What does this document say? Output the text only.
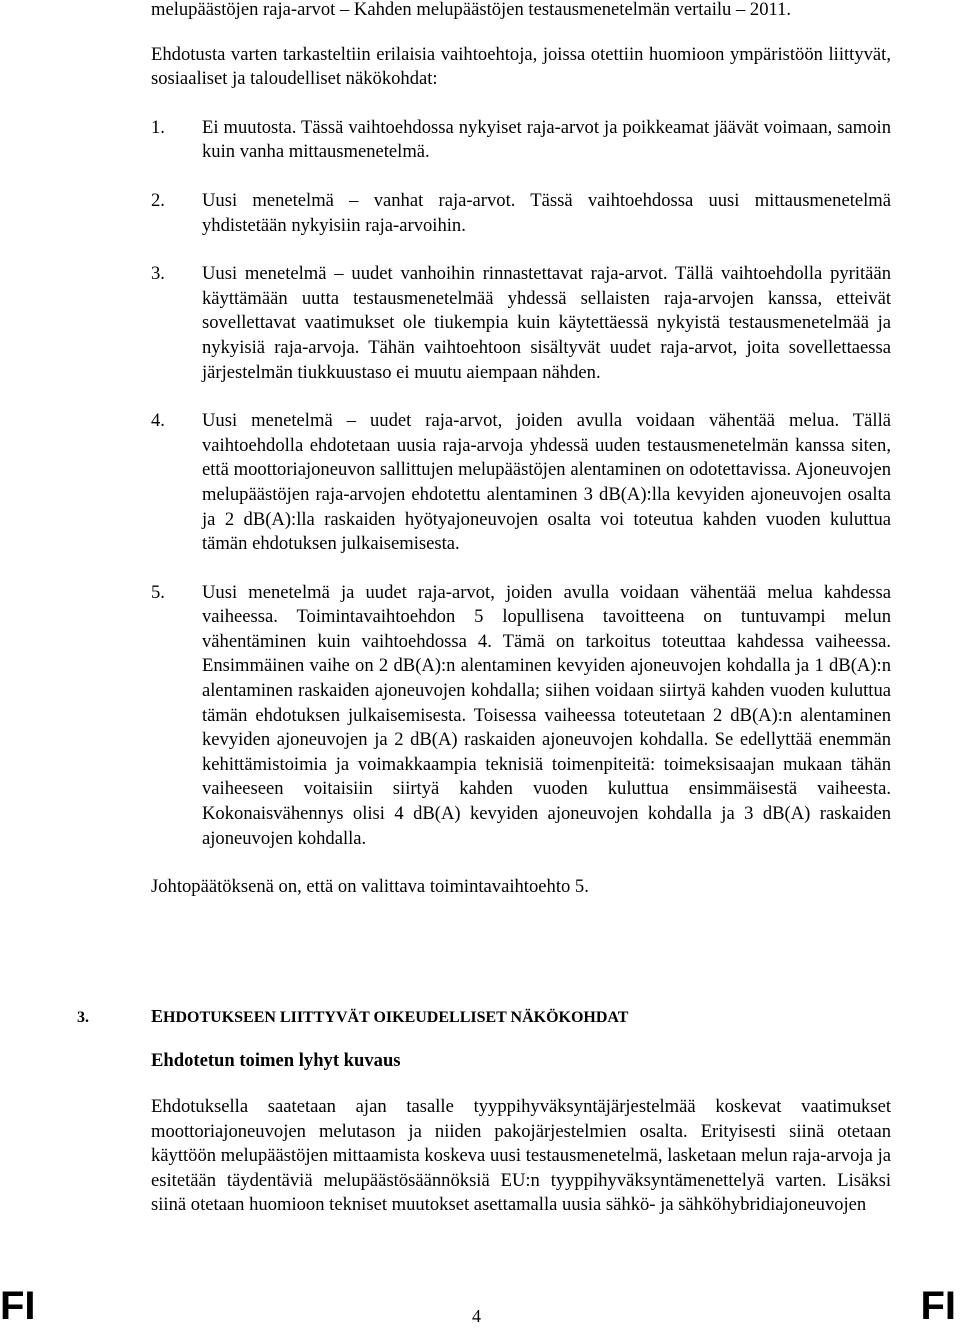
melupäästöjen raja-arvot – Kahden melupäästöjen testausmenetelmän vertailu – 2011.

Ehdotusta varten tarkasteltiin erilaisia vaihtoehtoja, joissa otettiin huomioon ympäristöön liittyvät, sosiaaliset ja taloudelliset näkökohdat:

1. Ei muutosta. Tässä vaihtoehdossa nykyiset raja-arvot ja poikkeamat jäävät voimaan, samoin kuin vanha mittausmenetelmä.

2. Uusi menetelmä – vanhat raja-arvot. Tässä vaihtoehdossa uusi mittausmenetelmä yhdistetään nykyisiin raja-arvoihin.

3. Uusi menetelmä – uudet vanhoihin rinnastettavat raja-arvot. Tällä vaihtoehdolla pyritään käyttämään uutta testausmenetelmää yhdessä sellaisten raja-arvojen kanssa, etteivät sovellettavat vaatimukset ole tiukempia kuin käytettäessä nykyistä testausmenetelmää ja nykyisiä raja-arvoja. Tähän vaihtoehtoon sisältyvät uudet raja-arvot, joita sovellettaessa järjestelmän tiukkuustaso ei muutu aiempaan nähden.

4. Uusi menetelmä – uudet raja-arvot, joiden avulla voidaan vähentää melua. Tällä vaihtoehdolla ehdotetaan uusia raja-arvoja yhdessä uuden testausmenetelmän kanssa siten, että moottoriajoneuvon sallittujen melupäästöjen alentaminen on odotettavissa. Ajoneuvojen melupäästöjen raja-arvojen ehdotettu alentaminen 3 dB(A):lla kevyiden ajoneuvojen osalta ja 2 dB(A):lla raskaiden hyötyajoneuvojen osalta voi toteutua kahden vuoden kuluttua tämän ehdotuksen julkaisemisesta.

5. Uusi menetelmä ja uudet raja-arvot, joiden avulla voidaan vähentää melua kahdessa vaiheessa. Toimintavaihtoehdon 5 lopullisena tavoitteena on tuntuvampi melun vähentäminen kuin vaihtoehdossa 4. Tämä on tarkoitus toteuttaa kahdessa vaiheessa. Ensimmäinen vaihe on 2 dB(A):n alentaminen kevyiden ajoneuvojen kohdalla ja 1 dB(A):n alentaminen raskaiden ajoneuvojen kohdalla; siihen voidaan siirtyä kahden vuoden kuluttua tämän ehdotuksen julkaisemisesta. Toisessa vaiheessa toteutetaan 2 dB(A):n alentaminen kevyiden ajoneuvojen ja 2 dB(A) raskaiden ajoneuvojen kohdalla. Se edellyttää enemmän kehittämistoimia ja voimakkaampia teknisiä toimenpiteitä: toimeksisaajan mukaan tähän vaiheeseen voitaisiin siirtyä kahden vuoden kuluttua ensimmäisestä vaiheesta. Kokonaisvähennys olisi 4 dB(A) kevyiden ajoneuvojen kohdalla ja 3 dB(A) raskaiden ajoneuvojen kohdalla.

Johtopäätöksenä on, että on valittava toimintavaihtoehto 5.

3.	EHDOTUKSEEN LIITTYVÄT OIKEUDELLISET NÄKÖKOHDAT
Ehdotetun toimen lyhyt kuvaus

Ehdotuksella saatetaan ajan tasalle tyyppihyväksyntäjärjestelmää koskevat vaatimukset moottoriajoneuvojen melutason ja niiden pakojärjestelmien osalta. Erityisesti siinä otetaan käyttöön melupäästöjen mittaamista koskeva uusi testausmenetelmä, lasketaan melun raja-arvoja ja esitetään täydentäviä melupäästösäännöksiä EU:n tyyppihyväksyntämenettelyä varten. Lisäksi siinä otetaan huomioon tekniset muutokset asettamalla uusia sähkö- ja sähköhybridiajoneuvojen

FI	4	FI
